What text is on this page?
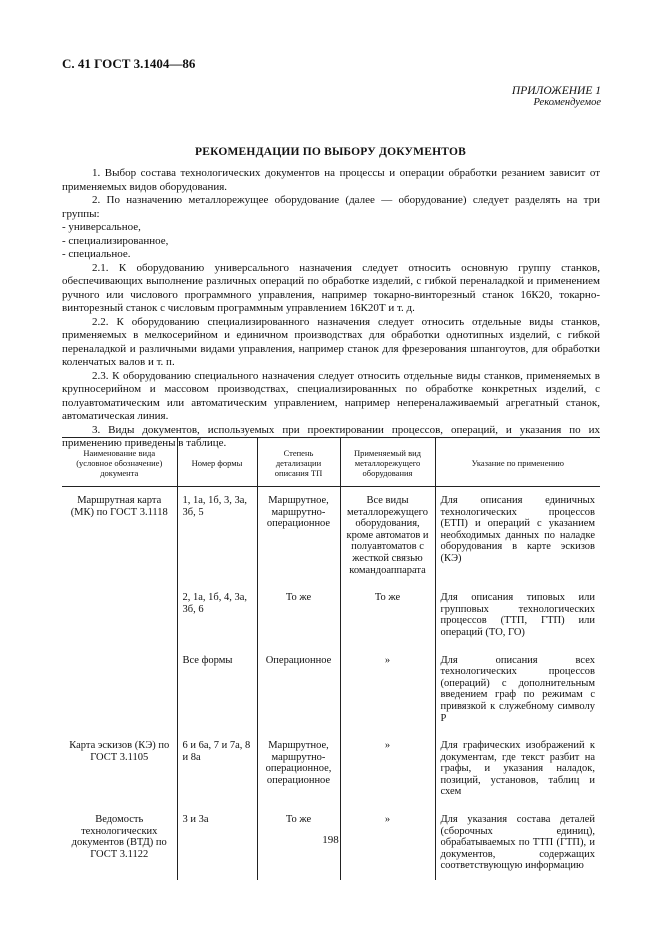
С. 41 ГОСТ 3.1404—86
ПРИЛОЖЕНИЕ 1
Рекомендуемое
РЕКОМЕНДАЦИИ ПО ВЫБОРУ ДОКУМЕНТОВ

1. Выбор состава технологических документов на процессы и операции обработки резанием зависит от применяемых видов оборудования.

2. По назначению металлорежущее оборудование (далее — оборудование) следует разделять на три группы:

- универсальное,

- специализированное,

- специальное.

2.1. К оборудованию универсального назначения следует относить основную группу станков, обеспечивающих выполнение различных операций по обработке изделий, с гибкой переналадкой и применением ручного или числового программного управления, например токарно-винторезный станок 16К20, токарно-винторезный станок с числовым программным управлением 16К20Т и т. д.

2.2. К оборудованию специализированного назначения следует относить отдельные виды станков, применяемых в мелкосерийном и единичном производствах для обработки однотипных изделий, с гибкой переналадкой и различными видами управления, например станок для фрезерования шпангоутов, для обработки коленчатых валов и т. п.

2.3. К оборудованию специального назначения следует относить отдельные виды станков, применяемых в крупносерийном и массовом производствах, специализированных по обработке конкретных изделий, с полуавтоматическим или автоматическим управлением, например непереналаживаемый агрегатный станок, автоматическая линия.

3. Виды документов, используемых при проектировании процессов, операций, и указания по их применению приведены в таблице.

Наименование вида (условное обозначение) документа	Номер формы	Степень детализации описания ТП	Применяемый вид металлорежущего оборудования	Указание по применению
Маршрутная карта (МК) по ГОСТ 3.1118	1, 1а, 1б, 3, 3а, 3б, 5	Маршрутное, маршрутно-операционное	Все виды металлорежущего оборудования, кроме автоматов и полуавтоматов с жесткой связью командоаппарата	Для описания единичных технологических процессов (ЕТП) и операций с указанием необходимых данных по наладке оборудования в карте эскизов (КЭ)
	2, 1а, 1б, 4, 3а, 3б, 6	То же	То же	Для описания типовых или групповых технологических процессов (ТТП, ГТП) или операций (ТО, ГО)
	Все формы	Операционное	»	Для описания всех технологических процессов (операций) с дополнительным введением граф по режимам с привязкой к служебному символу Р
Карта эскизов (КЭ) по ГОСТ 3.1105	6 и 6а, 7 и 7а, 8 и 8а	Маршрутное, маршрутно-операционное, операционное	»	Для графических изображений к документам, где текст разбит на графы, и указания наладок, позиций, установов, таблиц и схем
Ведомость технологических документов (ВТД) по ГОСТ 3.1122	3 и 3а	То же	»	Для указания состава деталей (сборочных единиц), обрабатываемых по ТТП (ГТП), и документов, содержащих соответствующую информацию
198
